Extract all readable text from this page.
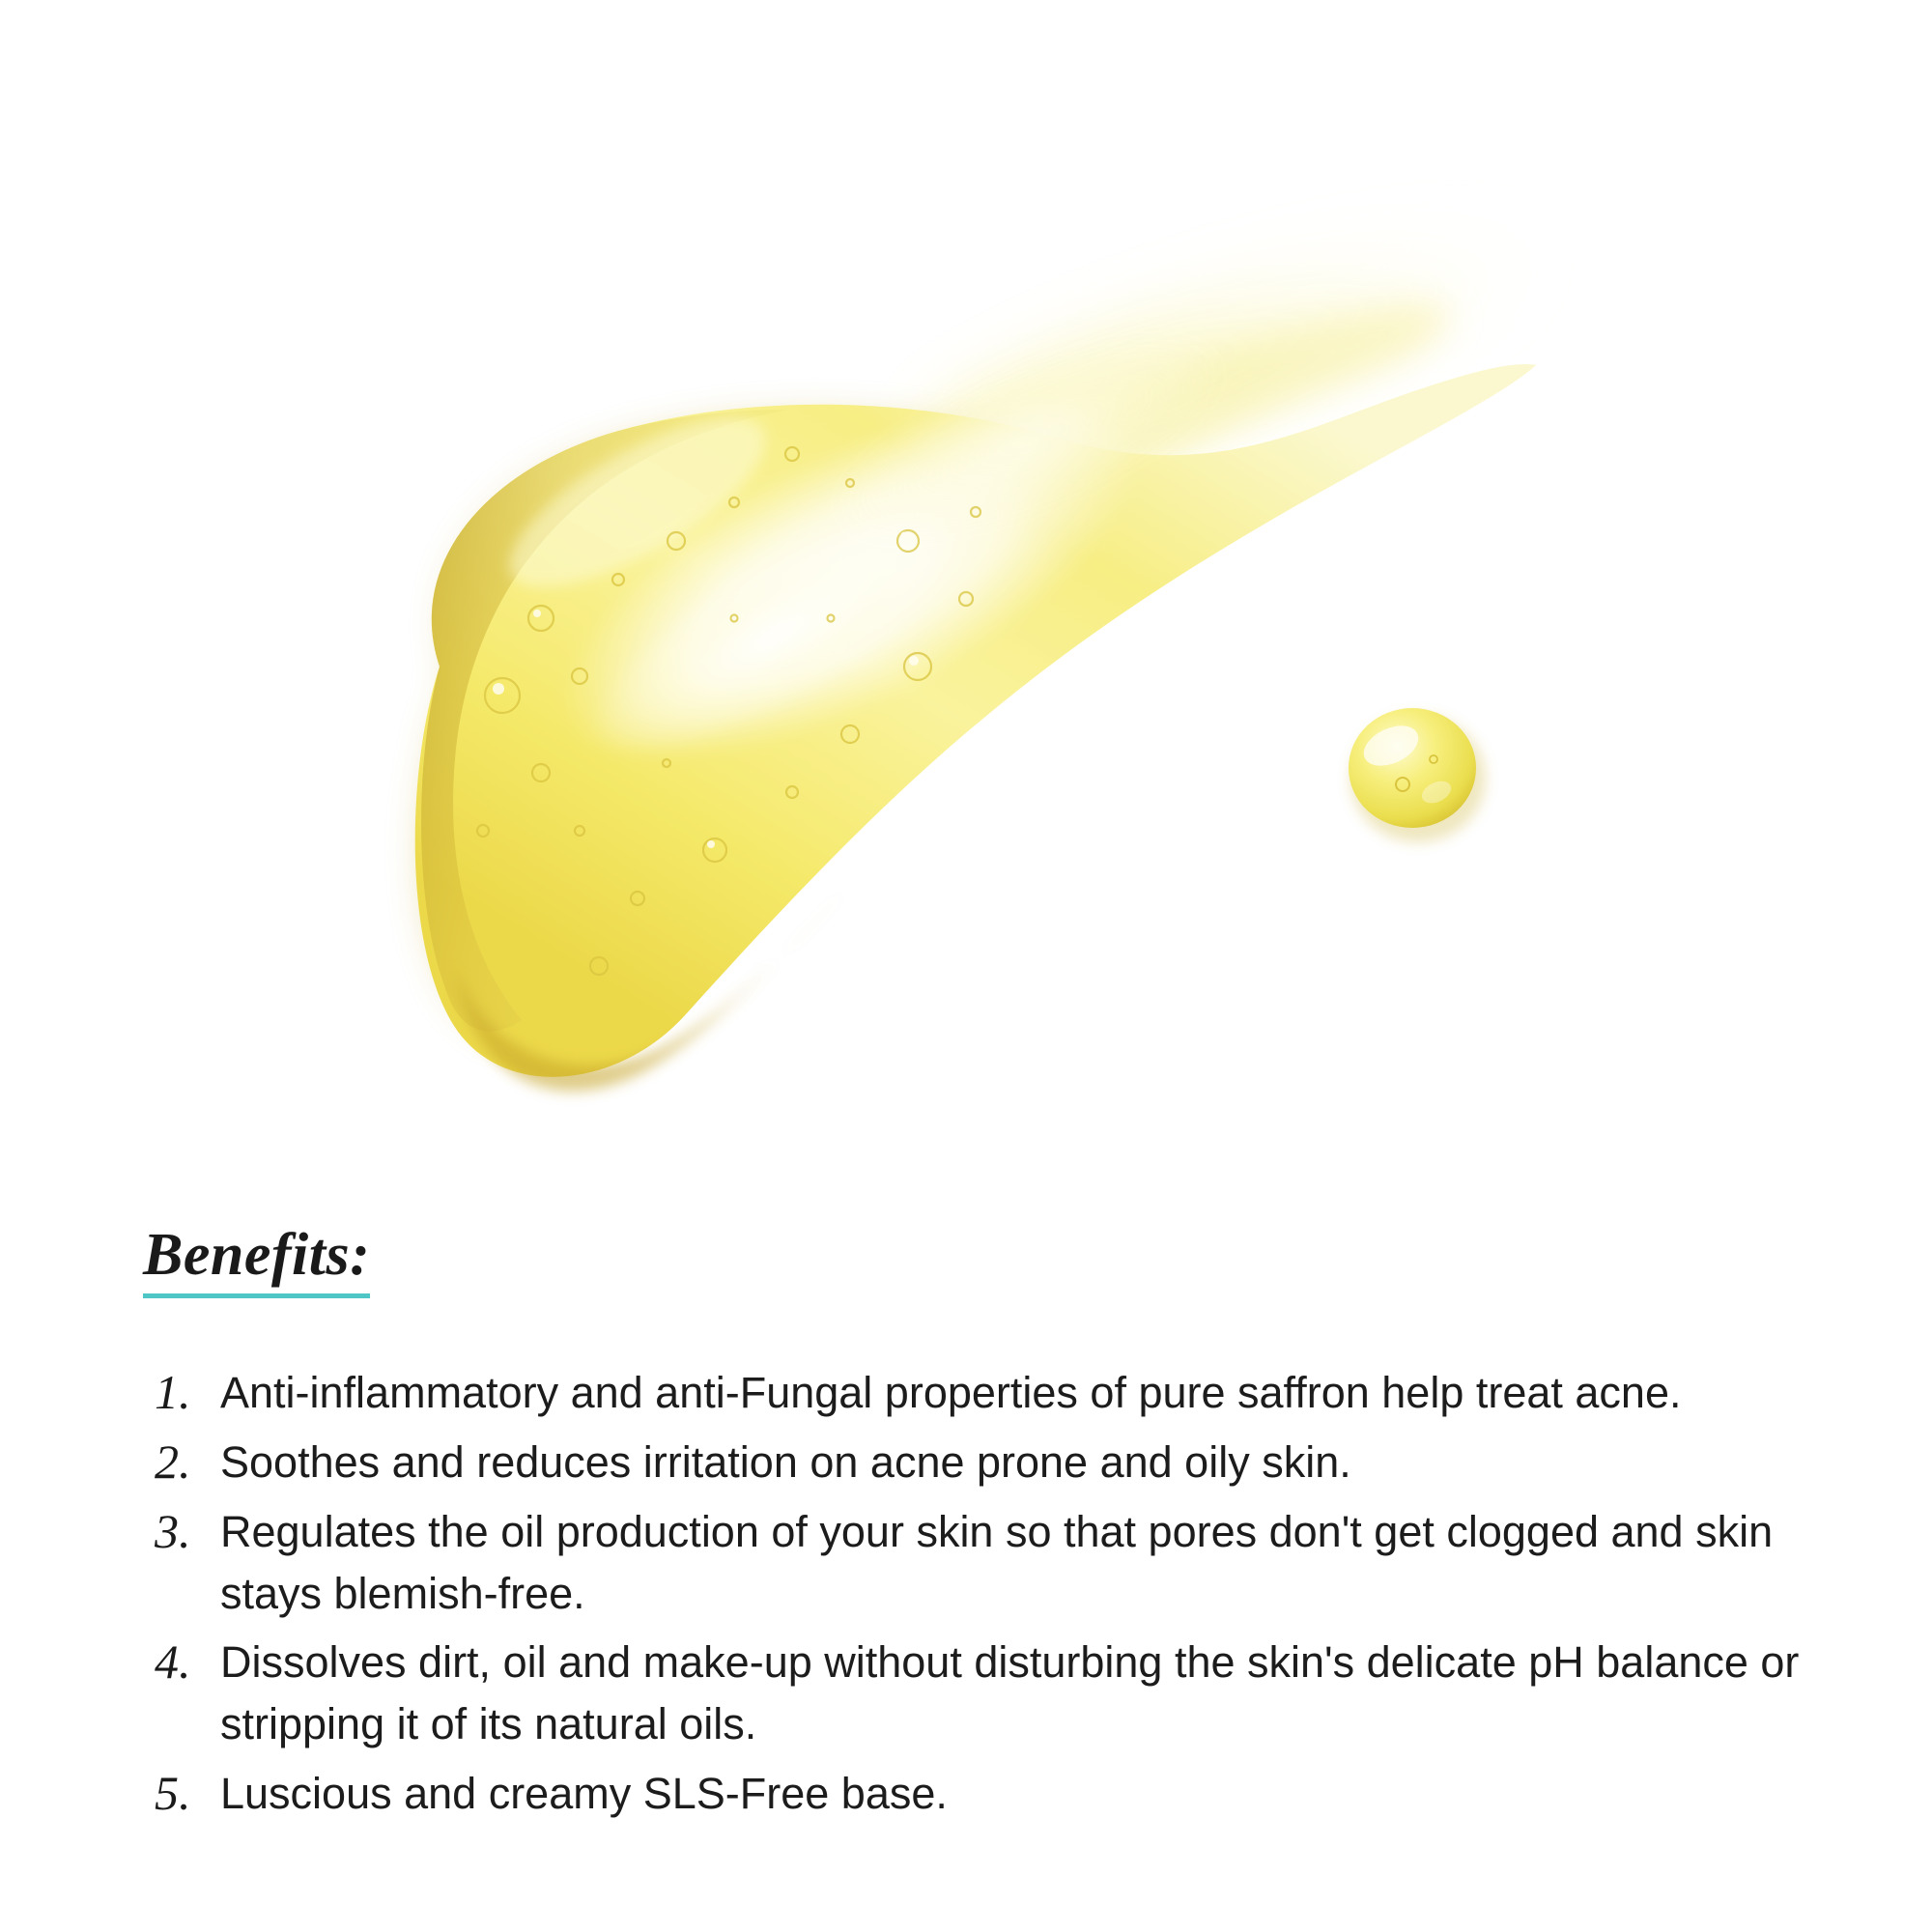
Benefits:
1. Anti-inflammatory and anti-Fungal properties of pure saffron help treat acne.
2. Soothes and reduces irritation on acne prone and oily skin.
3. Regulates the oil production of your skin so that pores don't get clogged and skin stays blemish-free.
4. Dissolves dirt, oil and make-up without disturbing the skin's delicate pH balance or stripping it of its natural oils.
5. Luscious and creamy SLS-Free base.
